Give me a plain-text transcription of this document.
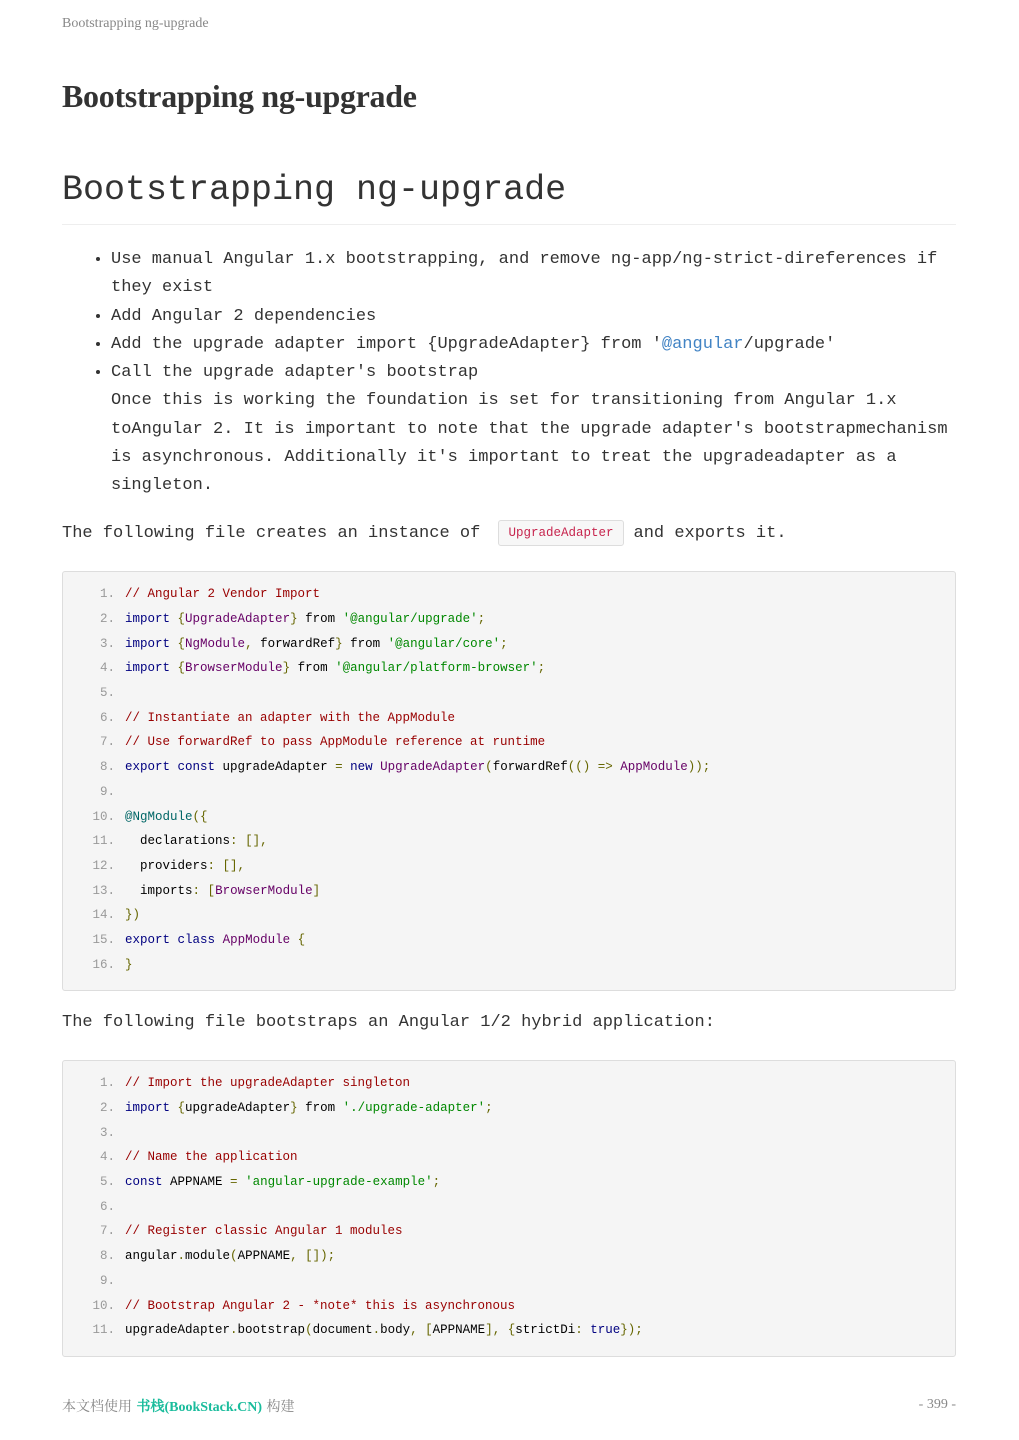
Bootstrapping ng-upgrade
Bootstrapping ng-upgrade
Bootstrapping ng-upgrade
• Use manual Angular 1.x bootstrapping, and remove ng-app/ng-strict-direferences if they exist
• Add Angular 2 dependencies
• Add the upgrade adapter import {UpgradeAdapter} from '@angular/upgrade'
• Call the upgrade adapter's bootstrap
Once this is working the foundation is set for transitioning from Angular 1.x toAngular 2. It is important to note that the upgrade adapter's bootstrapmechanism is asynchronous. Additionally it's important to treat the upgradeadapter as a singleton.

The following file creates an instance of UpgradeAdapter and exports it.

1. // Angular 2 Vendor Import
2. import {UpgradeAdapter} from '@angular/upgrade';
3. import {NgModule, forwardRef} from '@angular/core';
4. import {BrowserModule} from '@angular/platform-browser';
5.
6. // Instantiate an adapter with the AppModule
7. // Use forwardRef to pass AppModule reference at runtime
8. export const upgradeAdapter = new UpgradeAdapter(forwardRef(() => AppModule));
9.
10. @NgModule({
11. declarations: [],
12. providers: [],
13. imports: [BrowserModule]
14. })
15. export class AppModule {
16. }

The following file bootstraps an Angular 1/2 hybrid application:

1. // Import the upgradeAdapter singleton
2. import {upgradeAdapter} from './upgrade-adapter';
3.
4. // Name the application
5. const APPNAME = 'angular-upgrade-example';
6.
7. // Register classic Angular 1 modules
8. angular.module(APPNAME, []);
9.
10. // Bootstrap Angular 2 - *note* this is asynchronous
11. upgradeAdapter.bootstrap(document.body, [APPNAME], {strictDi: true});
本文档使用 书栈(BookStack.CN) 构建	- 399 -
